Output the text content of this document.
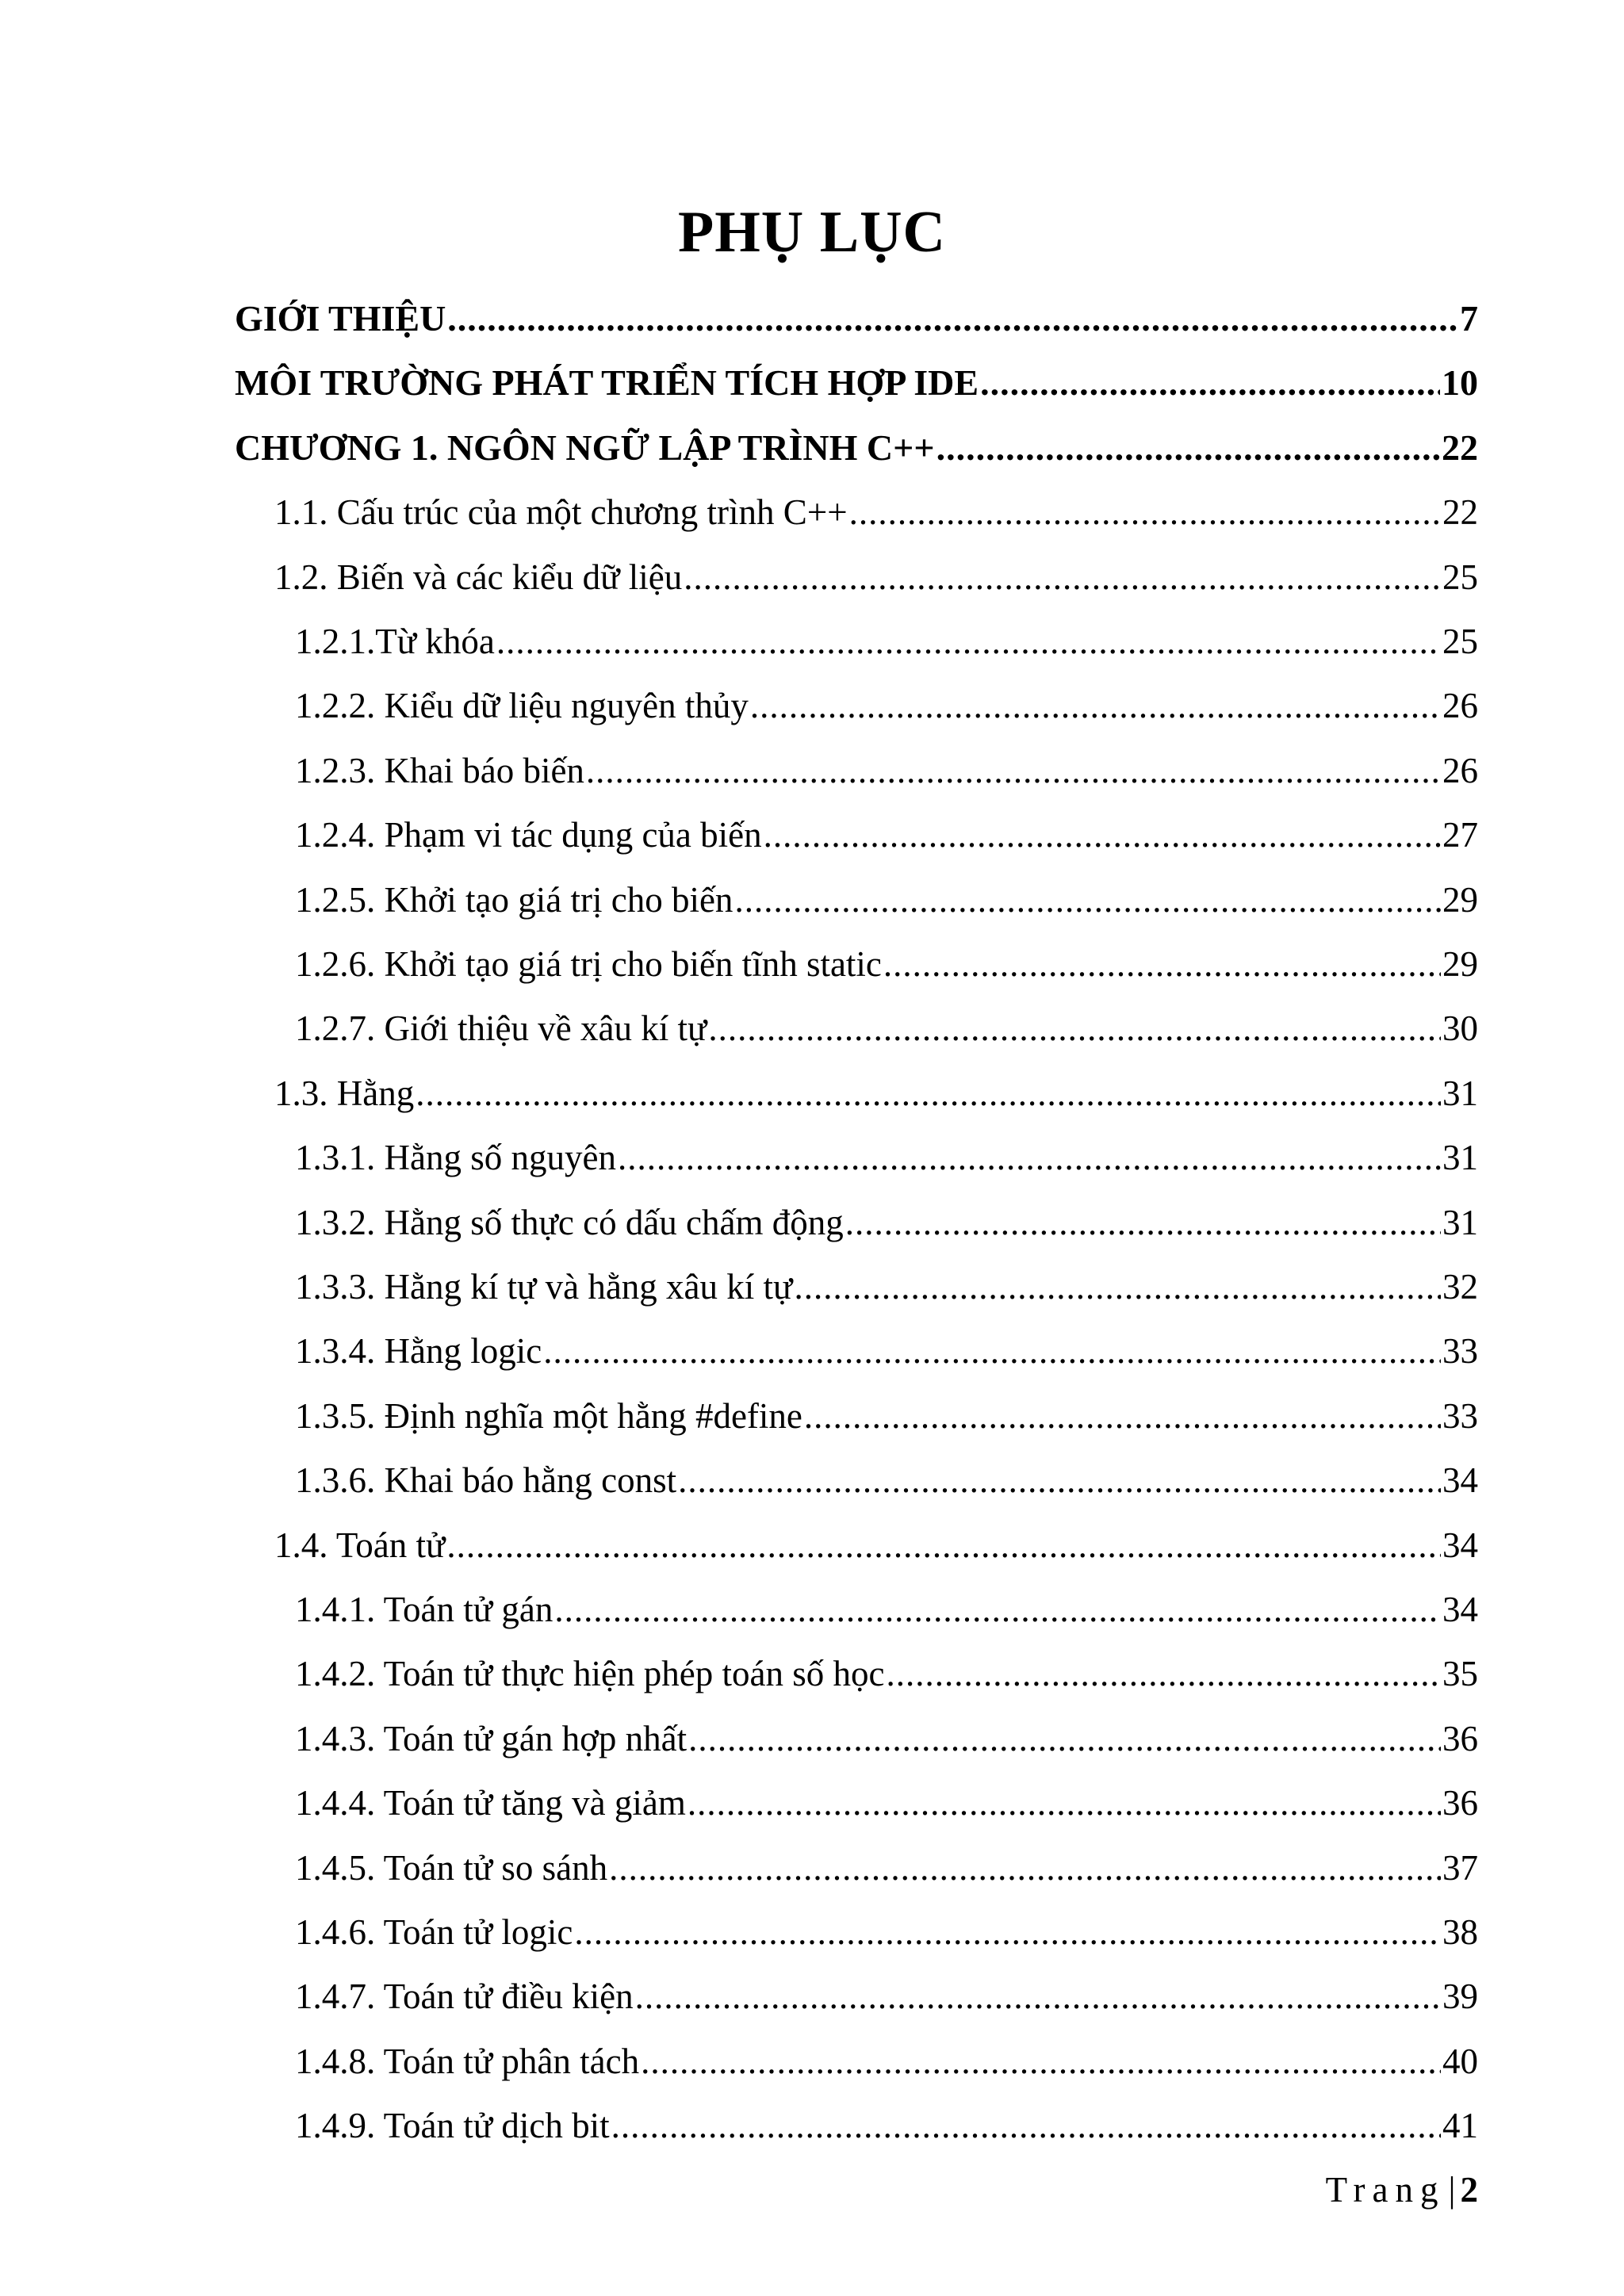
PHỤ LỤC
GIỚI THIỆU .....	7
MÔI TRƯỜNG PHÁT TRIỂN TÍCH HỢP IDE .....	10
CHƯƠNG 1. NGÔN NGỮ LẬP TRÌNH C++ .....	22
1.1. Cấu trúc của một chương trình C++ .....	22
1.2. Biến và các kiểu dữ liệu .....	25
1.2.1.Từ khóa .....	25
1.2.2. Kiểu dữ liệu nguyên thủy .....	26
1.2.3. Khai báo biến .....	26
1.2.4. Phạm vi tác dụng của biến .....	27
1.2.5. Khởi tạo giá trị cho biến .....	29
1.2.6. Khởi tạo giá trị cho biến tĩnh static .....	29
1.2.7. Giới thiệu về xâu kí tự .....	30
1.3. Hằng .....	31
1.3.1. Hằng số nguyên .....	31
1.3.2. Hằng số thực có dấu chấm động .....	31
1.3.3. Hằng kí tự và hằng xâu kí tự .....	32
1.3.4. Hằng logic .....	33
1.3.5. Định nghĩa một hằng #define .....	33
1.3.6. Khai báo hằng const .....	34
1.4. Toán tử .....	34
1.4.1. Toán tử gán .....	34
1.4.2. Toán tử thực hiện phép toán số học .....	35
1.4.3. Toán tử gán hợp nhất .....	36
1.4.4. Toán tử tăng và giảm .....	36
1.4.5. Toán tử so sánh .....	37
1.4.6. Toán tử logic .....	38
1.4.7. Toán tử điều kiện .....	39
1.4.8. Toán tử phân tách .....	40
1.4.9. Toán tử dịch bit .....	41
Trang| 2
